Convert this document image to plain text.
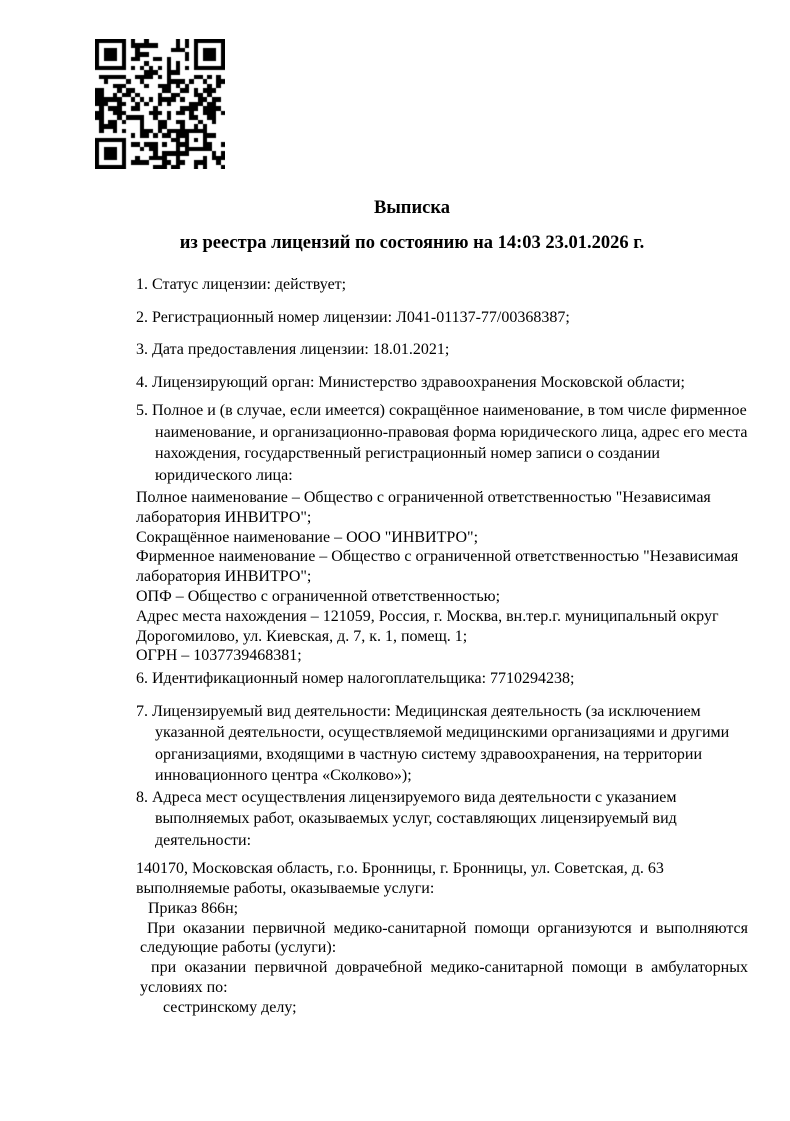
Выписка
из реестра лицензий по состоянию на 14:03 23.01.2026 г.

1. Статус лицензии: действует;

2. Регистрационный номер лицензии: Л041-01137-77/00368387;

3. Дата предоставления лицензии: 18.01.2021;

4. Лицензирующий орган: Министерство здравоохранения Московской области;

5. Полное и (в случае, если имеется) сокращённое наименование, в том числе фирменное
наименование, и организационно-правовая форма юридического лица, адрес его места
нахождения, государственный регистрационный номер записи о создании
юридического лица:

Полное наименование – Общество с ограниченной ответственностью "Независимая
лаборатория ИНВИТРО";
Сокращённое наименование – ООО "ИНВИТРО";
Фирменное наименование – Общество с ограниченной ответственностью "Независимая
лаборатория ИНВИТРО";
ОПФ – Общество с ограниченной ответственностью;
Адрес места нахождения – 121059, Россия, г. Москва, вн.тер.г. муниципальный округ
Дорогомилово, ул. Киевская, д. 7, к. 1, помещ. 1;
ОГРН – 1037739468381;

6. Идентификационный номер налогоплательщика: 7710294238;

7. Лицензируемый вид деятельности: Медицинская деятельность (за исключением
указанной деятельности, осуществляемой медицинскими организациями и другими
организациями, входящими в частную систему здравоохранения, на территории
инновационного центра «Сколково»);

8. Адреса мест осуществления лицензируемого вида деятельности с указанием
выполняемых работ, оказываемых услуг, составляющих лицензируемый вид
деятельности:

140170, Московская область, г.о. Бронницы, г. Бронницы, ул. Советская, д. 63
выполняемые работы, оказываемые услуги:
Приказ 866н;
При оказании первичной медико-санитарной помощи организуются и выполняются
следующие работы (услуги):
при оказании первичной доврачебной медико-санитарной помощи в амбулаторных
условиях по:
сестринскому делу;
